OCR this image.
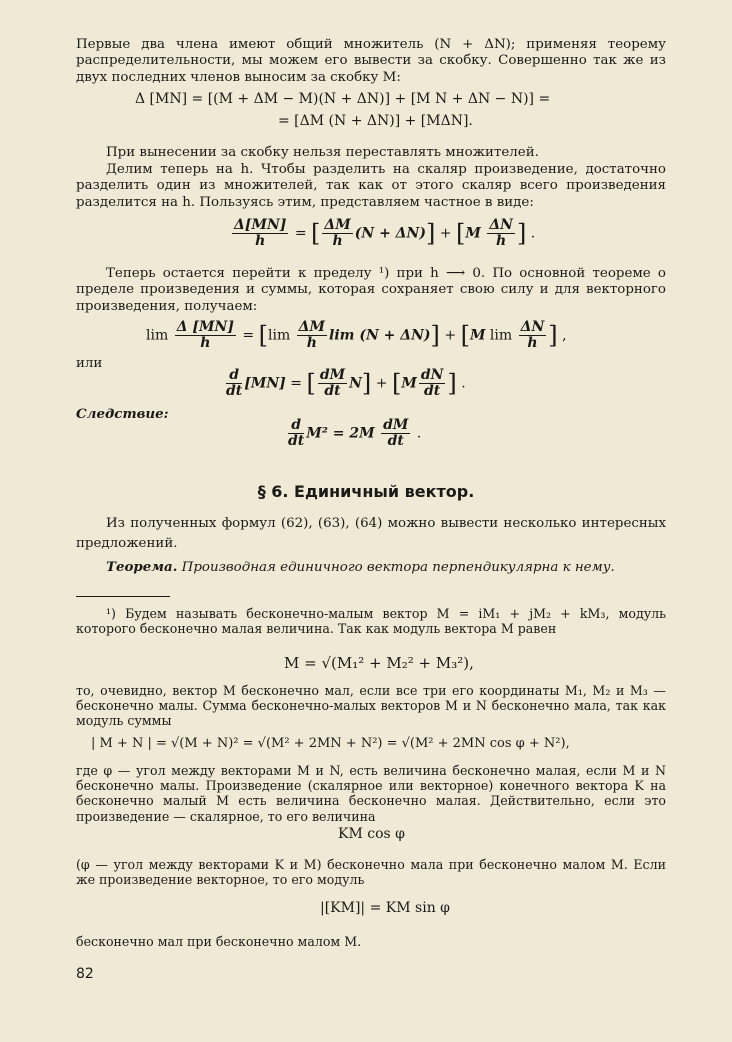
Первые два члена имеют общий множитель (N + ΔN); применяя теорему распределительности, мы можем его вывести за скобку. Совершенно так же из двух последних членов выносим за скобку M:
Δ [MN] = [(M + ΔM − M)(N + ΔN)] + [M N + ΔN − N)] =
= [ΔM (N + ΔN)] + [MΔN].
При вынесении за скобку нельзя переставлять множителей.
Делим теперь на h. Чтобы разделить на скаляр произведение, достаточно разделить один из множителей, так как от этого скаляр всего произведения разделится на h. Пользуясь этим, представляем частное в виде:
$\frac{\Delta[MN]}{h}$ = [ $\frac{\Delta M}{h} (N + \Delta N)] + [M \frac{\Delta N}{h}$ ] .
Теперь остается перейти к пределу ¹) при h ⟶ 0. По основной теореме о пределе произведения и суммы, которая сохраняет свою силу и для векторного произведения, получаем:
$\lim \frac{\Delta [MN]}{h} = [\lim \frac{\Delta M}{h}$ lim (N + ΔN)] + [M $\lim \frac{\Delta N}{h}$ ] ,
или
$\frac{d}{dt} [MN]$ = [ $\frac{dM}{dt} N] + [M \frac{dN}{dt}$ ] .
Следствие:
$\frac{d}{dt} M^2 = 2M \frac{dM}{dt}$ .
§ 6. Единичный вектор.
Из полученных формул (62), (63), (64) можно вывести несколько интересных предложений.
Теорема. Производная единичного вектора перпендикулярна к нему.
¹) Будем называть бесконечно-малым вектор M = iM₁ + jM₂ + kM₃, модуль которого бесконечно малая величина. Так как модуль вектора M равен
M = √(M₁² + M₂² + M₃²),
то, очевидно, вектор M бесконечно мал, если все три его координаты M₁, M₂ и M₃ — бесконечно малы. Сумма бесконечно-малых векторов M и N бесконечно мала, так как модуль суммы
| M + N | = √(M + N)² = √(M² + 2MN + N²) = √(M² + 2MN cos φ + N²),
где φ — угол между векторами M и N, есть величина бесконечно малая, если M и N бесконечно малы. Произведение (скалярное или векторное) конечного вектора K на бесконечно малый M есть величина бесконечно малая. Действительно, если это произведение — скалярное, то его величина
KM cos φ
(φ — угол между векторами K и M) бесконечно мала при бесконечно малом M. Если же произведение векторное, то его модуль
|[KM]| = KM sin φ
бесконечно мал при бесконечно малом M.
82
